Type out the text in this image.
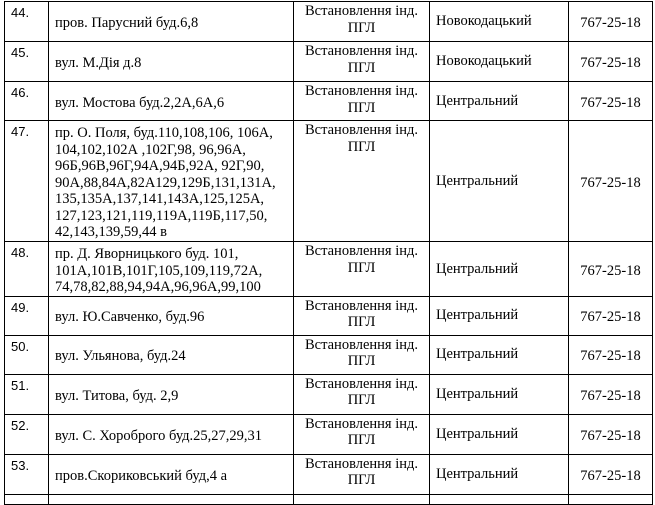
44.	пров. Парусний буд.6,8	Встановлення інд. ПГЛ	Новокодацький	767-25-18
45.	вул. М.Дія д.8	Встановлення інд. ПГЛ	Новокодацький	767-25-18
46.	вул. Мостова буд.2,2А,6А,6	Встановлення інд. ПГЛ	Центральний	767-25-18
47.	пр. О. Поля, буд.110,108,106, 106А, 104,102,102А ,102Г,98, 96,96А, 96Б,96В,96Г,94А,94Б,92А, 92Г,90, 90А,88,84А,82А129,129Б,131,131А, 135,135А,137,141,143А,125,125А, 127,123,121,119,119А,119Б,117,50, 42,143,139,59,44 в	Встановлення інд. ПГЛ	Центральний	767-25-18
48.	пр. Д. Яворницького буд. 101, 101А,101В,101Г,105,109,119,72А, 74,78,82,88,94,94А,96,96А,99,100	Встановлення інд. ПГЛ	Центральний	767-25-18
49.	вул. Ю.Савченко, буд.96	Встановлення інд. ПГЛ	Центральний	767-25-18
50.	вул. Ульянова, буд.24	Встановлення інд. ПГЛ	Центральний	767-25-18
51.	вул. Титова, буд. 2,9	Встановлення інд. ПГЛ	Центральний	767-25-18
52.	вул. С. Хороброго буд.25,27,29,31	Встановлення інд. ПГЛ	Центральний	767-25-18
53.	пров.Скориковський буд,4 а	Встановлення інд. ПГЛ	Центральний	767-25-18
